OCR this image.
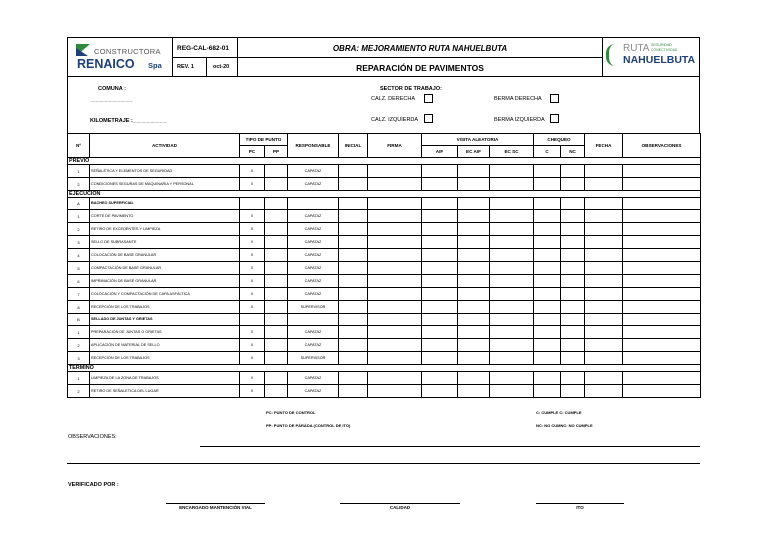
CONSTRUCTORA
RENAICO Spa
REG-CAL-682-01
REV. 1	oct-20
OBRA: MEJORAMIENTO RUTA NAHUELBUTA
REPARACIÓN DE PAVIMENTOS
RUTA SEGURIDAD
CONECTIVIDAD
NAHUELBUTA
COMUNA :
....................................................
KILOMETRAJE : ...........................................
SECTOR DE TRABAJO:
CALZ. DERECHA	BERMA DERECHA
CALZ. IZQUIERDA	BERMA IZQUIERDA
Nº	ACTIVIDAD	TIPO DE PUNTO		RESPONSABLE	INICIAL	FIRMA	VISITA ALEATORIA			CHEQUEO		FECHA	OBSERVACIONES
		PC	PP				AIF	EC AIF	EC SC	C	NC		
PREVIO													
1	SEÑALÉTICA Y ELEMENTOS DE SEGURIDAD	X		CAPATAZ									
2	CONDICIONES SEGURAS DE MAQUINARIA Y PERSONAL	X		CAPATAZ									
EJECUCIÓN													
A	BACHEO SUPERFICIAL												
1	CORTE DE PAVIMENTO	X		CAPATAZ									
2	RETIRO DE EXCEDENTES Y LIMPIEZA	X		CAPATAZ									
3	SELLO DE SUBRASANTE	X		CAPATAZ									
4	COLOCACIÓN DE BASE GRANULAR	X		CAPATAZ									
5	COMPACTACIÓN DE BASE GRANULAR	X		CAPATAZ									
6	IMPRIMACIÓN DE BASE GRANULAR	X		CAPATAZ									
7	COLOCACIÓN Y COMPACTACIÓN DE CAPA ASFÁLTICA	X		CAPATAZ									
8	RECEPCIÓN DE LOS TRABAJOS	X		SUPERVISOR									
B	SELLADO DE JUNTAS Y GRIETAS												
1	PREPARACIÓN DE JUNTAS O GRIETAS	X		CAPATAZ									
2	APLICACIÓN DE MATERIAL DE SELLO	X		CAPATAZ									
3	RECEPCIÓN DE LOS TRABAJOS	X		SUPERVISOR									
TERMINO													
1	LIMPIEZA DE LA ZONA DE TRABAJOS	X		CAPATAZ									
2	RETIRO DE SEÑALETICA DEL LUGAR	X		CAPATAZ									
PC: PUNTO DE CONTROL
PP: PUNTO DE PÁRÁDA (CONTROL DE ITO)
C: CUMPLE C: CUMPLE
NC: NO CUMNC: NO CUMPLE
OBSERVACIONES:
VERIFICADO POR :
ENCARGADO MANTENCIÓN VIAL	CALIDAD	ITO
